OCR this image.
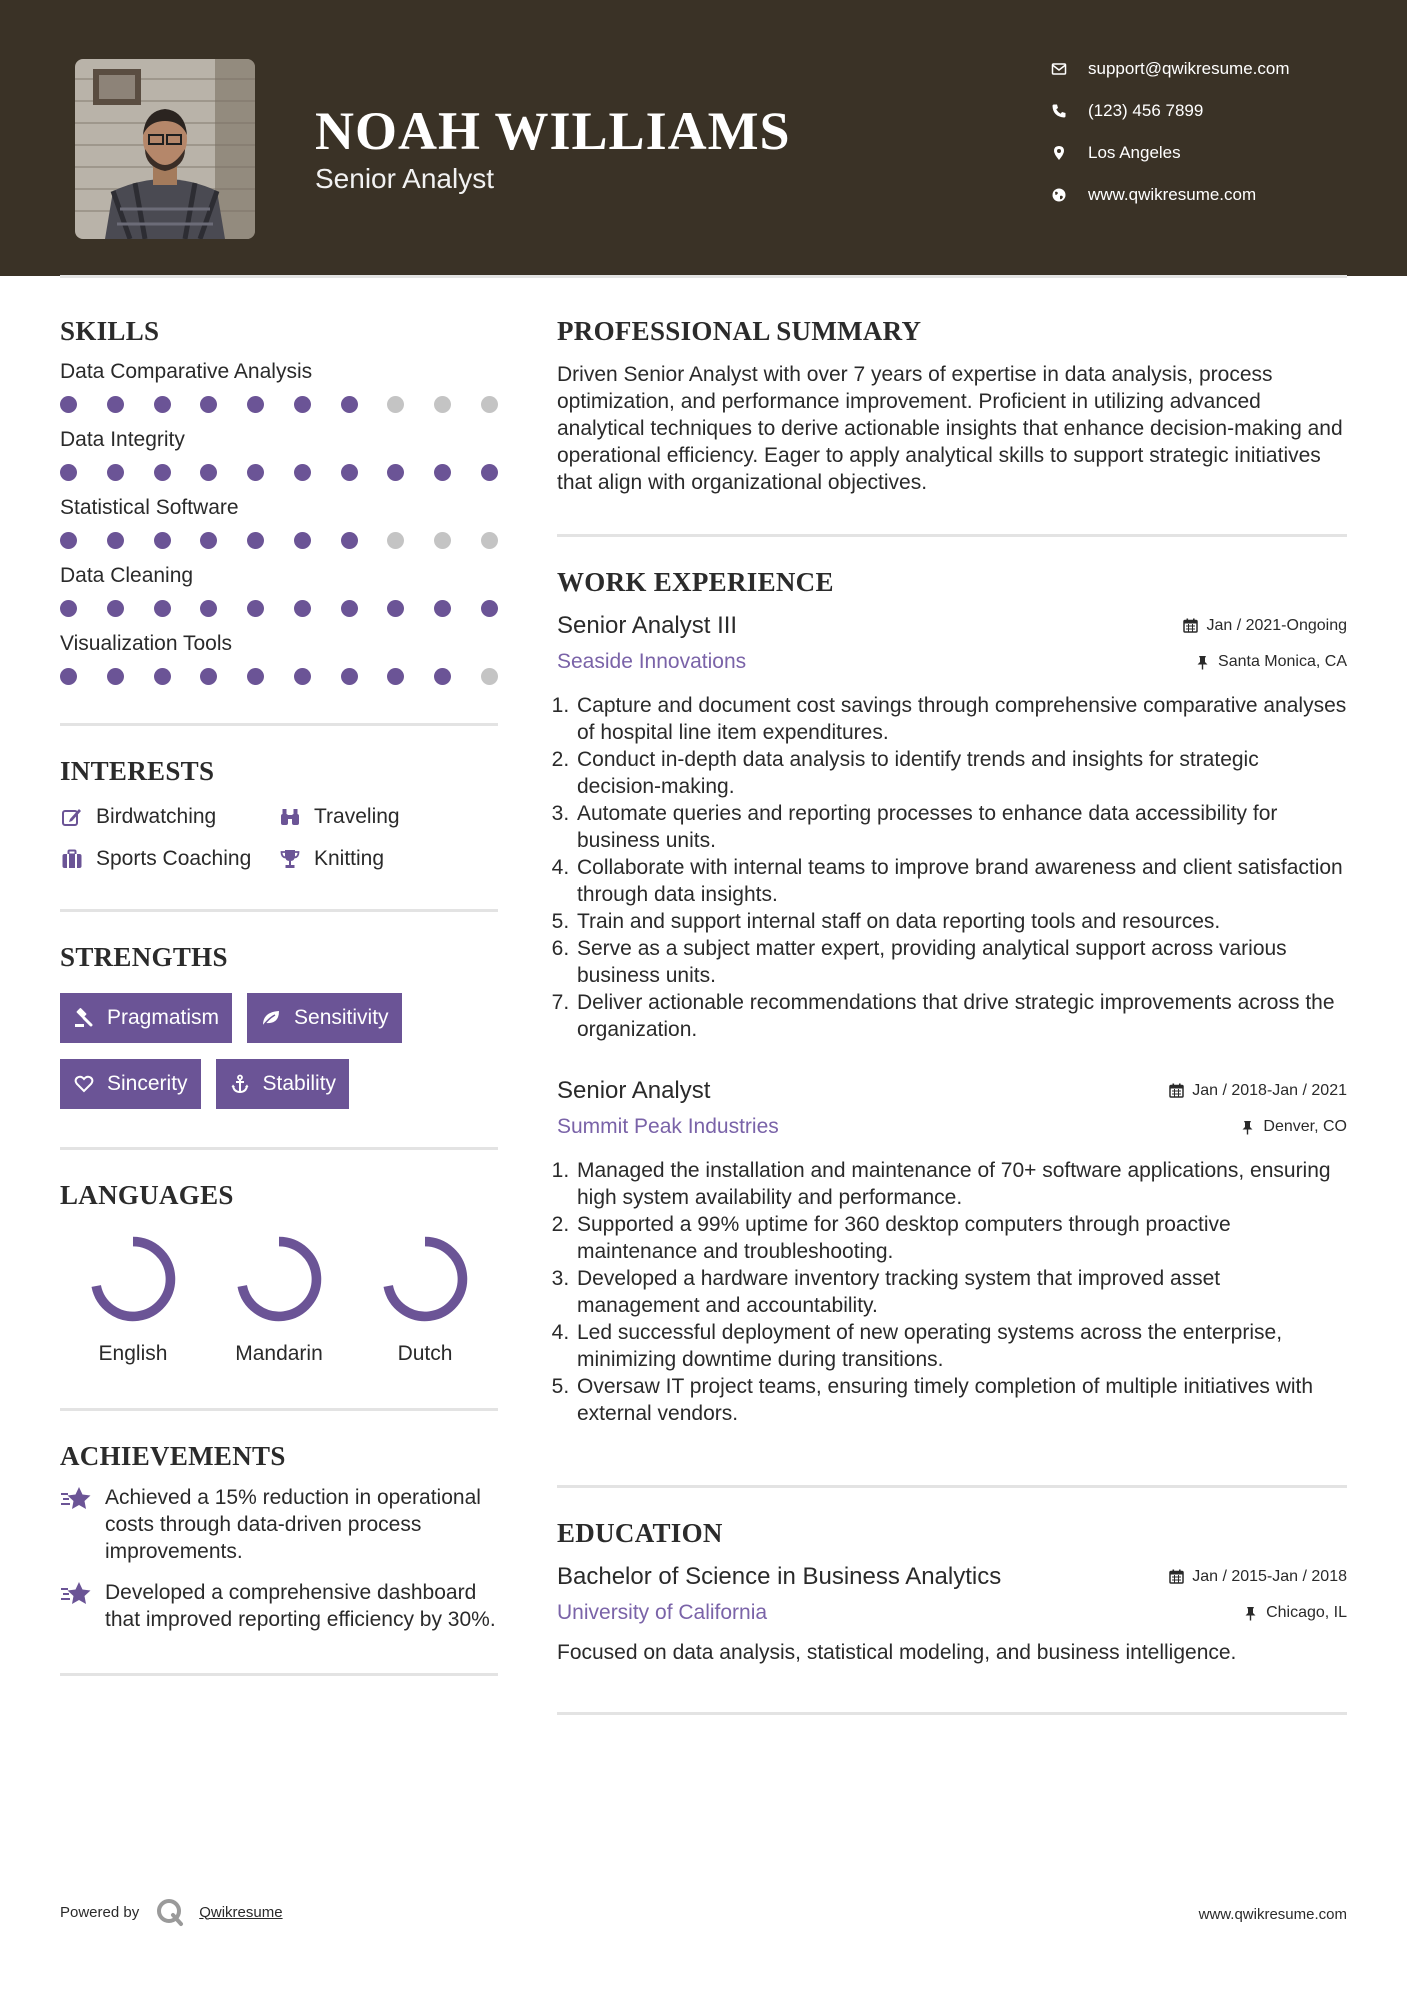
NOAH WILLIAMS
Senior Analyst
support@qwikresume.com
(123) 456 7899
Los Angeles
www.qwikresume.com
SKILLS
Data Comparative Analysis
Data Integrity
Statistical Software
Data Cleaning
Visualization Tools
INTERESTS
Birdwatching	Traveling
Sports Coaching	Knitting
STRENGTHS
Pragmatism	Sensitivity
Sincerity	Stability
LANGUAGES
English	Mandarin	Dutch
ACHIEVEMENTS
Achieved a 15% reduction in operational costs through data-driven process improvements.
Developed a comprehensive dashboard that improved reporting efficiency by 30%.
PROFESSIONAL SUMMARY
Driven Senior Analyst with over 7 years of expertise in data analysis, process optimization, and performance improvement. Proficient in utilizing advanced analytical techniques to derive actionable insights that enhance decision-making and operational efficiency. Eager to apply analytical skills to support strategic initiatives that align with organizational objectives.
WORK EXPERIENCE
Senior Analyst III	Jan / 2021-Ongoing
Seaside Innovations	Santa Monica, CA
1. Capture and document cost savings through comprehensive comparative analyses of hospital line item expenditures.
2. Conduct in-depth data analysis to identify trends and insights for strategic decision-making.
3. Automate queries and reporting processes to enhance data accessibility for business units.
4. Collaborate with internal teams to improve brand awareness and client satisfaction through data insights.
5. Train and support internal staff on data reporting tools and resources.
6. Serve as a subject matter expert, providing analytical support across various business units.
7. Deliver actionable recommendations that drive strategic improvements across the organization.
Senior Analyst	Jan / 2018-Jan / 2021
Summit Peak Industries	Denver, CO
1. Managed the installation and maintenance of 70+ software applications, ensuring high system availability and performance.
2. Supported a 99% uptime for 360 desktop computers through proactive maintenance and troubleshooting.
3. Developed a hardware inventory tracking system that improved asset management and accountability.
4. Led successful deployment of new operating systems across the enterprise, minimizing downtime during transitions.
5. Oversaw IT project teams, ensuring timely completion of multiple initiatives with external vendors.
EDUCATION
Bachelor of Science in Business Analytics	Jan / 2015-Jan / 2018
University of California	Chicago, IL
Focused on data analysis, statistical modeling, and business intelligence.
Powered by	Qwikresume	www.qwikresume.com
